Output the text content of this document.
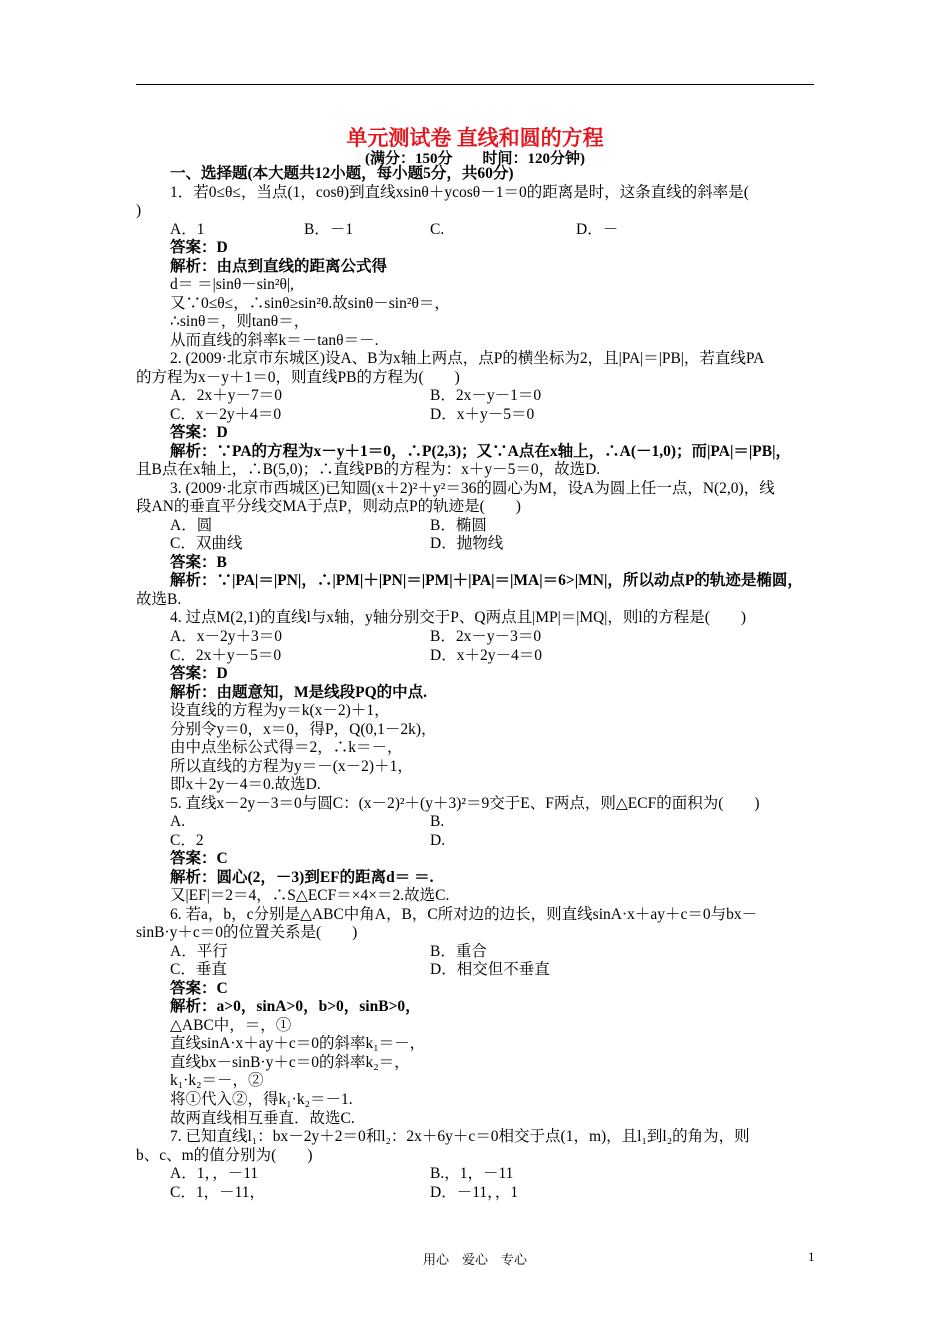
单元测试卷 直线和圆的方程
(满分：150分　　时间：120分钟)
一、选择题(本大题共12小题，每小题5分，共60分)
1．若0≤θ≤，当点(1，cosθ)到直线xsinθ＋ycosθ－1＝0的距离是时，这条直线的斜率是(
)
A．1	B．－1	C.	D．－
答案：D
解析：由点到直线的距离公式得
d＝ ＝|sinθ－sin²θ|,
又∵0≤θ≤，∴sinθ≥sin²θ.故sinθ－sin²θ＝，
∴sinθ＝，则tanθ＝，
从而直线的斜率k＝－tanθ＝－.
2. (2009·北京市东城区)设A、B为x轴上两点，点P的横坐标为2，且|PA|＝|PB|，若直线PA
的方程为x－y＋1＝0，则直线PB的方程为(　　)
A．2x＋y－7＝0	B．2x－y－1＝0
C．x－2y＋4＝0	D．x＋y－5＝0
答案：D
解析：∵PA的方程为x－y＋1＝0，∴P(2,3)；又∵A点在x轴上，∴A(－1,0)；而|PA|＝|PB|，
且B点在x轴上，∴B(5,0)；∴直线PB的方程为：x＋y－5＝0，故选D.
3. (2009·北京市西城区)已知圆(x＋2)²＋y²＝36的圆心为M，设A为圆上任一点，N(2,0)，线
段AN的垂直平分线交MA于点P，则动点P的轨迹是(　　)
A．圆	B．椭圆
C．双曲线	D．抛物线
答案：B
解析：∵|PA|＝|PN|，∴|PM|＋|PN|＝|PM|＋|PA|＝|MA|＝6>|MN|，所以动点P的轨迹是椭圆，
故选B.
4. 过点M(2,1)的直线l与x轴，y轴分别交于P、Q两点且|MP|＝|MQ|，则l的方程是(　　)
A．x－2y＋3＝0	B．2x－y－3＝0
C．2x＋y－5＝0	D．x＋2y－4＝0
答案：D
解析：由题意知，M是线段PQ的中点.
设直线的方程为y＝k(x－2)＋1，
分别令y＝0，x＝0，得P，Q(0,1－2k)，
由中点坐标公式得＝2，∴k＝－，
所以直线的方程为y＝－(x－2)＋1，
即x＋2y－4＝0.故选D.
5. 直线x－2y－3＝0与圆C：(x－2)²＋(y＋3)²＝9交于E、F两点，则△ECF的面积为(　　)
A.	B.
C．2	D.
答案：C
解析：圆心(2，－3)到EF的距离d＝ ＝.
又|EF|＝2＝4，∴S△ECF＝×4×＝2.故选C.
6. 若a，b，c分别是△ABC中角A，B，C所对边的边长，则直线sinA·x＋ay＋c＝0与bx－
sinB·y＋c＝0的位置关系是(　　)
A．平行	B．重合
C．垂直	D．相交但不垂直
答案：C
解析：a>0，sinA>0，b>0，sinB>0，
△ABC中，＝，①
直线sinA·x＋ay＋c＝0的斜率k₁＝－，
直线bx－sinB·y＋c＝0的斜率k₂＝，
k₁·k₂＝－，②
将①代入②，得k₁·k₂＝－1.
故两直线相互垂直．故选C.
7. 已知直线l₁：bx－2y＋2＝0和l₂：2x＋6y＋c＝0相交于点(1，m)，且l₁到l₂的角为，则
b、c、m的值分别为(　　)
A．1，，－11	B.，1，－11
C．1，－11，	D．－11，，1
用心　爱心　专心	1
